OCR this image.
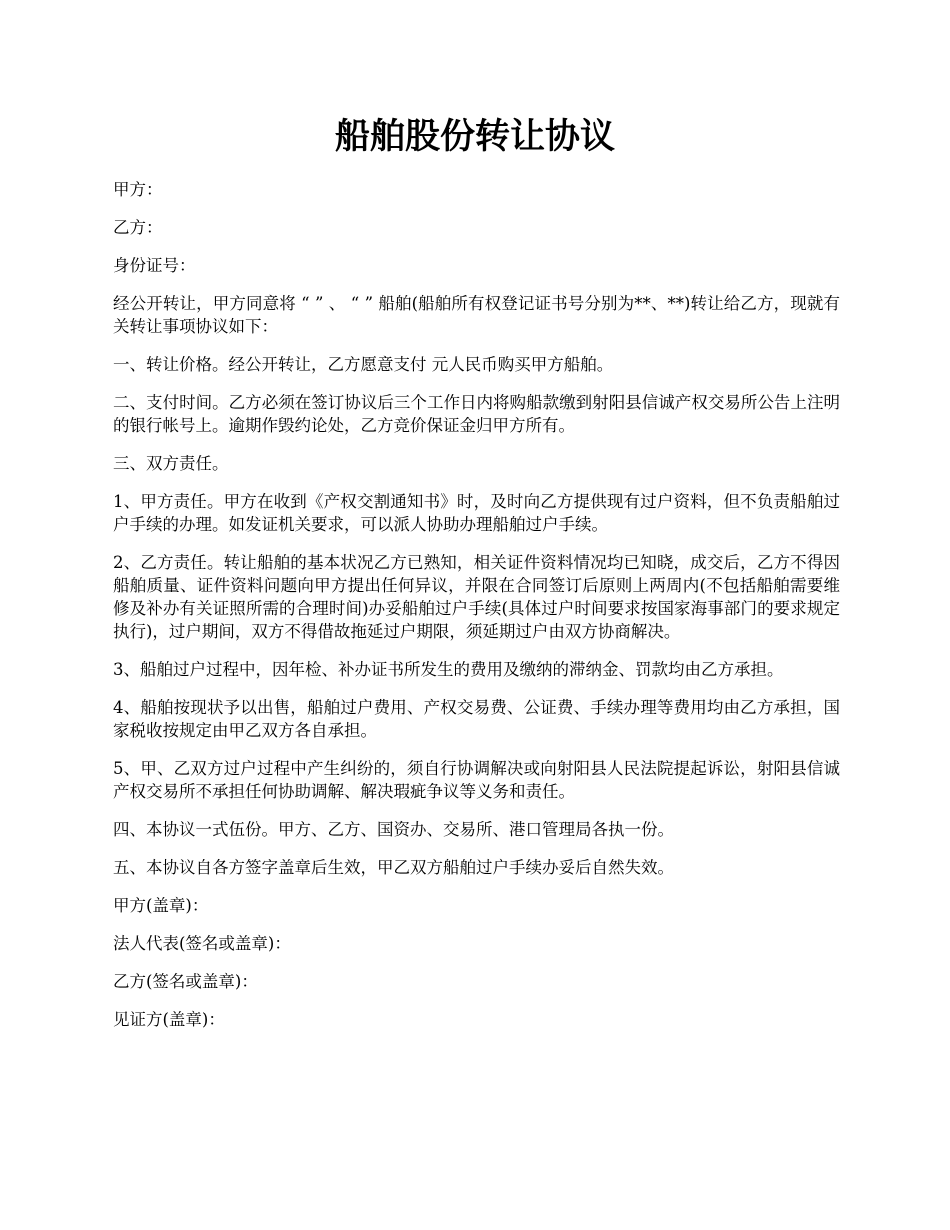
船舶股份转让协议

甲方：

乙方：

身份证号：

经公开转让，甲方同意将 “ ” 、 “ ” 船舶(船舶所有权登记证书号分别为**、**)转让给乙方，现就有关转让事项协议如下：

一、转让价格。经公开转让，乙方愿意支付 元人民币购买甲方船舶。

二、支付时间。乙方必须在签订协议后三个工作日内将购船款缴到射阳县信诚产权交易所公告上注明的银行帐号上。逾期作毁约论处，乙方竞价保证金归甲方所有。

三、双方责任。

1、甲方责任。甲方在收到《产权交割通知书》时，及时向乙方提供现有过户资料，但不负责船舶过户手续的办理。如发证机关要求，可以派人协助办理船舶过户手续。

2、乙方责任。转让船舶的基本状况乙方已熟知，相关证件资料情况均已知晓，成交后，乙方不得因船舶质量、证件资料问题向甲方提出任何异议，并限在合同签订后原则上两周内(不包括船舶需要维修及补办有关证照所需的合理时间)办妥船舶过户手续(具体过户时间要求按国家海事部门的要求规定执行)，过户期间，双方不得借故拖延过户期限，须延期过户由双方协商解决。

3、船舶过户过程中，因年检、补办证书所发生的费用及缴纳的滞纳金、罚款均由乙方承担。

4、船舶按现状予以出售，船舶过户费用、产权交易费、公证费、手续办理等费用均由乙方承担，国家税收按规定由甲乙双方各自承担。

5、甲、乙双方过户过程中产生纠纷的，须自行协调解决或向射阳县人民法院提起诉讼，射阳县信诚产权交易所不承担任何协助调解、解决瑕疵争议等义务和责任。

四、本协议一式伍份。甲方、乙方、国资办、交易所、港口管理局各执一份。

五、本协议自各方签字盖章后生效，甲乙双方船舶过户手续办妥后自然失效。

甲方(盖章)：

法人代表(签名或盖章)：

乙方(签名或盖章)：

见证方(盖章)：
